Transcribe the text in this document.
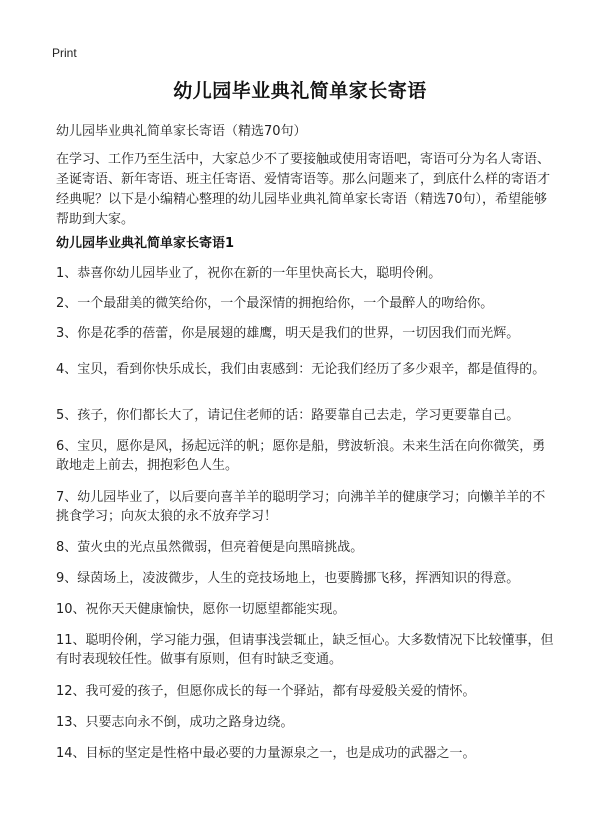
Print
幼儿园毕业典礼简单家长寄语
幼儿园毕业典礼简单家长寄语（精选70句）
在学习、工作乃至生活中，大家总少不了要接触或使用寄语吧，寄语可分为名人寄语、圣诞寄语、新年寄语、班主任寄语、爱情寄语等。那么问题来了，到底什么样的寄语才经典呢？以下是小编精心整理的幼儿园毕业典礼简单家长寄语（精选70句），希望能够帮助到大家。
幼儿园毕业典礼简单家长寄语1
1、恭喜你幼儿园毕业了，祝你在新的一年里快高长大，聪明伶俐。
2、一个最甜美的微笑给你，一个最深情的拥抱给你，一个最醉人的吻给你。
3、你是花季的蓓蕾，你是展翅的雄鹰，明天是我们的世界，一切因我们而光辉。
4、宝贝，看到你快乐成长，我们由衷感到：无论我们经历了多少艰辛，都是值得的。
5、孩子，你们都长大了，请记住老师的话：路要靠自己去走，学习更要靠自己。
6、宝贝，愿你是风，扬起远洋的帆；愿你是船，劈波斩浪。未来生活在向你微笑，勇敢地走上前去，拥抱彩色人生。
7、幼儿园毕业了，以后要向喜羊羊的聪明学习；向沸羊羊的健康学习；向懒羊羊的不挑食学习；向灰太狼的永不放弃学习！
8、萤火虫的光点虽然微弱，但亮着便是向黑暗挑战。
9、绿茵场上，凌波微步，人生的竞技场地上，也要腾挪飞移，挥洒知识的得意。
10、祝你天天健康愉快，愿你一切愿望都能实现。
11、聪明伶俐，学习能力强，但请事浅尝辄止，缺乏恒心。大多数情况下比较懂事，但有时表现较任性。做事有原则，但有时缺乏变通。
12、我可爱的孩子，但愿你成长的每一个驿站，都有母爱般关爱的情怀。
13、只要志向永不倒，成功之路身边绕。
14、目标的坚定是性格中最必要的力量源泉之一，也是成功的武器之一。
